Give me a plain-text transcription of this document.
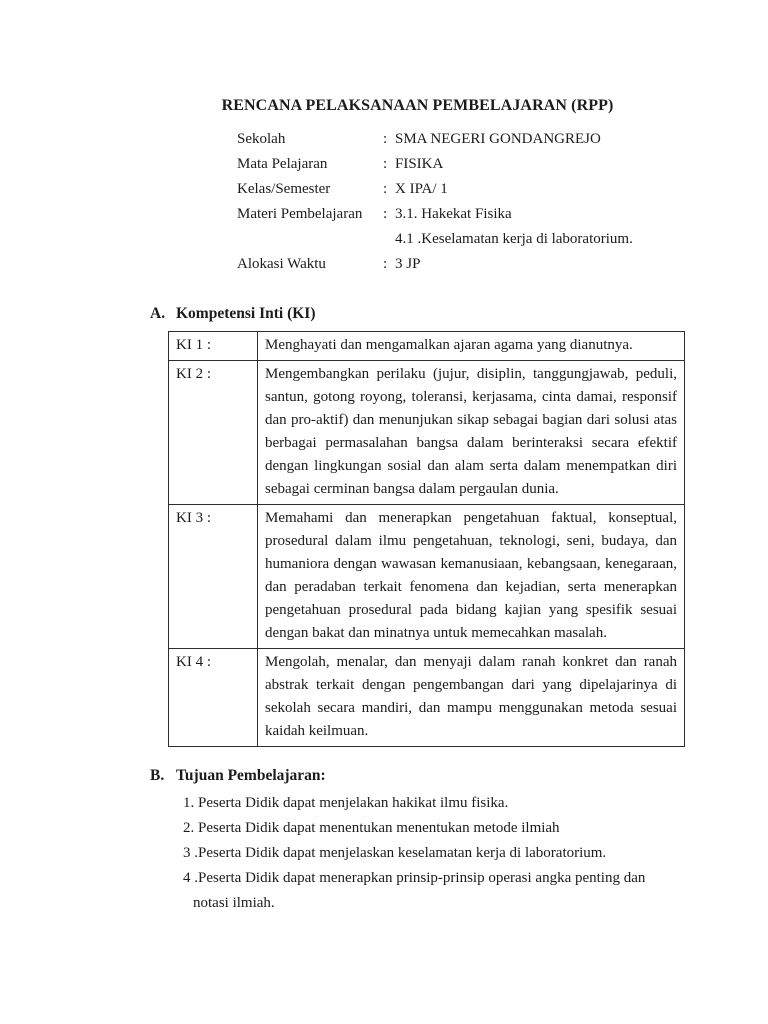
RENCANA PELAKSANAAN PEMBELAJARAN (RPP)
Sekolah	: SMA NEGERI GONDANGREJO
Mata Pelajaran	: FISIKA
Kelas/Semester	: X IPA/ 1
Materi Pembelajaran	: 3.1. Hakekat Fisika
4.1 .Keselamatan kerja di laboratorium.
Alokasi Waktu	: 3 JP
A. Kompetensi Inti (KI)
KI 1 :	Menghayati dan mengamalkan ajaran agama yang dianutnya.
KI 2 :	Mengembangkan perilaku (jujur, disiplin, tanggungjawab, peduli, santun, gotong royong, toleransi, kerjasama, cinta damai, responsif dan pro-aktif) dan menunjukan sikap sebagai bagian dari solusi atas berbagai permasalahan bangsa dalam berinteraksi secara efektif dengan lingkungan sosial dan alam serta dalam menempatkan diri sebagai cerminan bangsa dalam pergaulan dunia.
KI 3 :	Memahami dan menerapkan pengetahuan faktual, konseptual, prosedural dalam ilmu pengetahuan, teknologi, seni, budaya, dan humaniora dengan wawasan kemanusiaan, kebangsaan, kenegaraan, dan peradaban terkait fenomena dan kejadian, serta menerapkan pengetahuan prosedural pada bidang kajian yang spesifik sesuai dengan bakat dan minatnya untuk memecahkan masalah.
KI 4 :	Mengolah, menalar, dan menyaji dalam ranah konkret dan ranah abstrak terkait dengan pengembangan dari yang dipelajarinya di sekolah secara mandiri, dan mampu menggunakan metoda sesuai kaidah keilmuan.
B. Tujuan Pembelajaran:
1. Peserta Didik dapat menjelakan hakikat ilmu fisika.
2. Peserta Didik dapat menentukan menentukan metode ilmiah
3 .Peserta Didik dapat menjelaskan keselamatan kerja di laboratorium.
4 .Peserta Didik dapat menerapkan prinsip-prinsip operasi angka penting dan
notasi ilmiah.
